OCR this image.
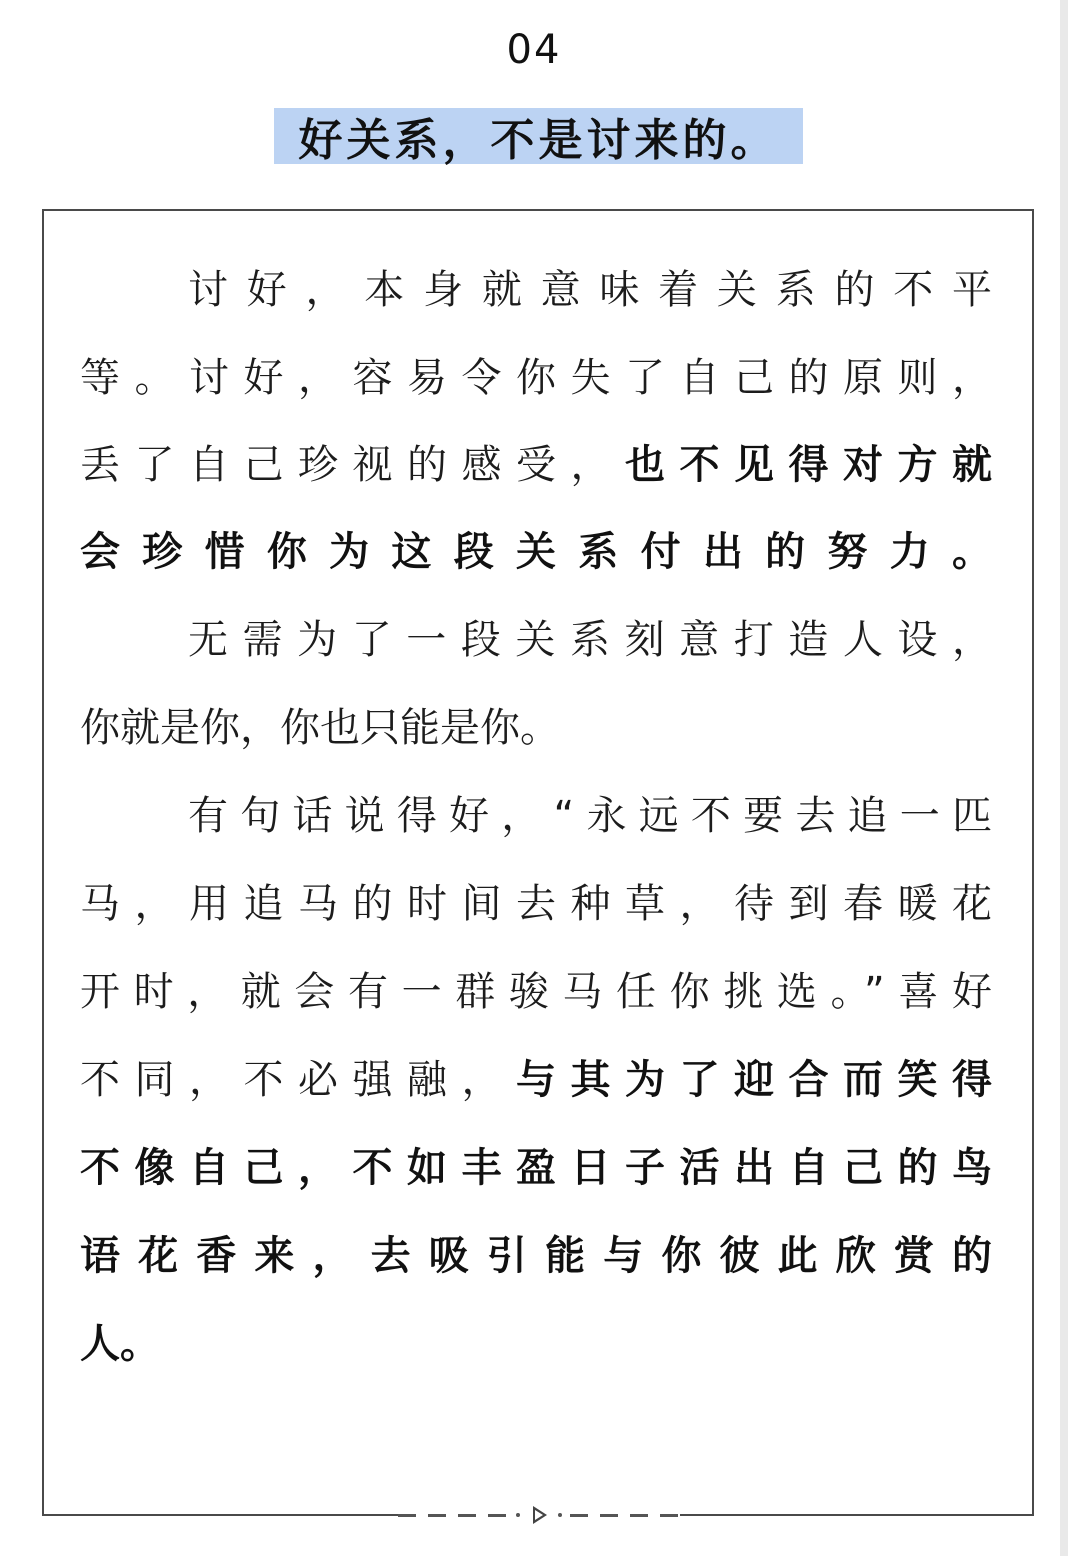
04
好关系，不是讨来的。
讨好，本身就意味着关系的不平
等。讨好，容易令你失了自己的原则，
丢了自己珍视的感受，也不见得对方就
会珍惜你为这段关系付出的努力。
无需为了一段关系刻意打造人设，
你就是你，你也只能是你。
有句话说得好，“永远不要去追一匹
马，用追马的时间去种草，待到春暖花
开时，就会有一群骏马任你挑选。”喜好
不同，不必强融，与其为了迎合而笑得
不像自己，不如丰盈日子活出自己的鸟
语花香来，去吸引能与你彼此欣赏的
人。
